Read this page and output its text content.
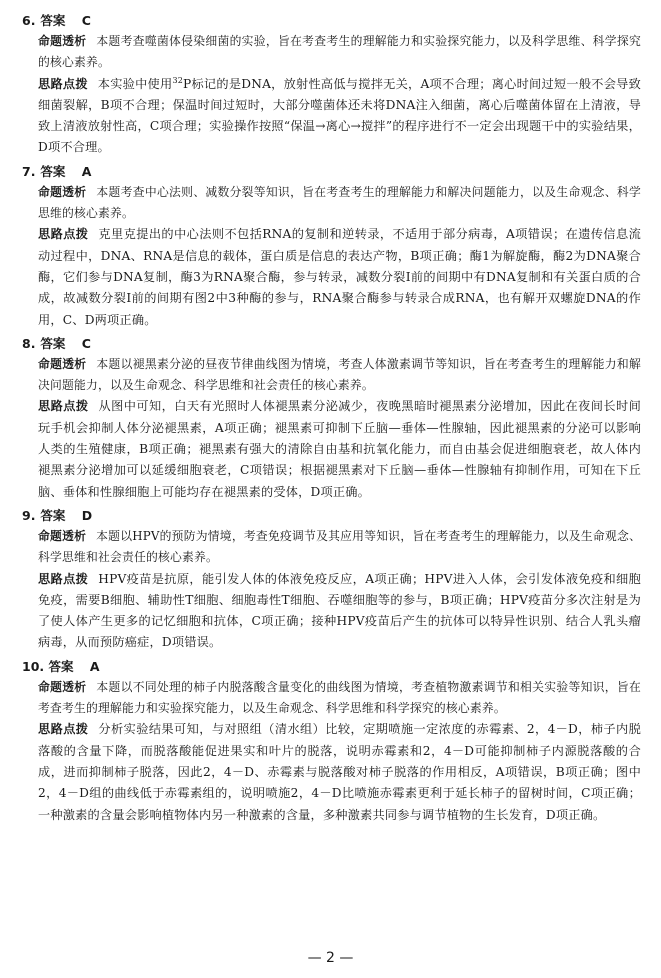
6. 答案 C
命题透析 本题考查噬菌体侵染细菌的实验，旨在考查考生的理解能力和实验探究能力，以及科学思维、科学探究的核心素养。
思路点拨 本实验中使用$^{32}$P标记的是DNA，放射性高低与搅拌无关，A项不合理；离心时间过短一般不会导致细菌裂解，B项不合理；保温时间过短时，大部分噬菌体还未将DNA注入细菌，离心后噬菌体留在上清液，导致上清液放射性高，C项合理；实验操作按照“保温→离心→搅拌”的程序进行不一定会出现题干中的实验结果，D项不合理。
7. 答案 A
命题透析 本题考查中心法则、减数分裂等知识，旨在考查考生的理解能力和解决问题能力，以及生命观念、科学思维的核心素养。
思路点拨 克里克提出的中心法则不包括RNA的复制和逆转录，不适用于部分病毒，A项错误；在遗传信息流动过程中，DNA、RNA是信息的载体，蛋白质是信息的表达产物，B项正确；酶1为解旋酶，酶2为DNA聚合酶，它们参与DNA复制，酶3为RNA聚合酶，参与转录，减数分裂Ⅰ前的间期中有DNA复制和有关蛋白质的合成，故减数分裂Ⅰ前的间期有图2中3种酶的参与，RNA聚合酶参与转录合成RNA，也有解开双螺旋DNA的作用，C、D两项正确。
8. 答案 C
命题透析 本题以褪黑素分泌的昼夜节律曲线图为情境，考查人体激素调节等知识，旨在考查考生的理解能力和解决问题能力，以及生命观念、科学思维和社会责任的核心素养。
思路点拨 从图中可知，白天有光照时人体褪黑素分泌减少，夜晚黑暗时褪黑素分泌增加，因此在夜间长时间玩手机会抑制人体分泌褪黑素，A项正确；褪黑素可抑制下丘脑—垂体—性腺轴，因此褪黑素的分泌可以影响人类的生殖健康，B项正确；褪黑素有强大的清除自由基和抗氧化能力，而自由基会促进细胞衰老，故人体内褪黑素分泌增加可以延缓细胞衰老，C项错误；根据褪黑素对下丘脑—垂体—性腺轴有抑制作用，可知在下丘脑、垂体和性腺细胞上可能均存在褪黑素的受体，D项正确。
9. 答案 D
命题透析 本题以HPV的预防为情境，考查免疫调节及其应用等知识，旨在考查考生的理解能力，以及生命观念、科学思维和社会责任的核心素养。
思路点拨 HPV疫苗是抗原，能引发人体的体液免疫反应，A项正确；HPV进入人体，会引发体液免疫和细胞免疫，需要B细胞、辅助性T细胞、细胞毒性T细胞、吞噬细胞等的参与，B项正确；HPV疫苗分多次注射是为了使人体产生更多的记忆细胞和抗体，C项正确；接种HPV疫苗后产生的抗体可以特异性识别、结合人乳头瘤病毒，从而预防癌症，D项错误。
10. 答案 A
命题透析 本题以不同处理的柿子内脱落酸含量变化的曲线图为情境，考查植物激素调节和相关实验等知识，旨在考查考生的理解能力和实验探究能力，以及生命观念、科学思维和科学探究的核心素养。
思路点拨 分析实验结果可知，与对照组（清水组）比较，定期喷施一定浓度的赤霉素、2，4－D，柿子内脱落酸的含量下降，而脱落酸能促进果实和叶片的脱落，说明赤霉素和2，4－D可能抑制柿子内源脱落酸的合成，进而抑制柿子脱落，因此2，4－D、赤霉素与脱落酸对柿子脱落的作用相反，A项错误，B项正确；图中2，4－D组的曲线低于赤霉素组的，说明喷施2，4－D比喷施赤霉素更利于延长柿子的留树时间，C项正确；一种激素的含量会影响植物体内另一种激素的含量，多种激素共同参与调节植物的生长发育，D项正确。
— 2 —
